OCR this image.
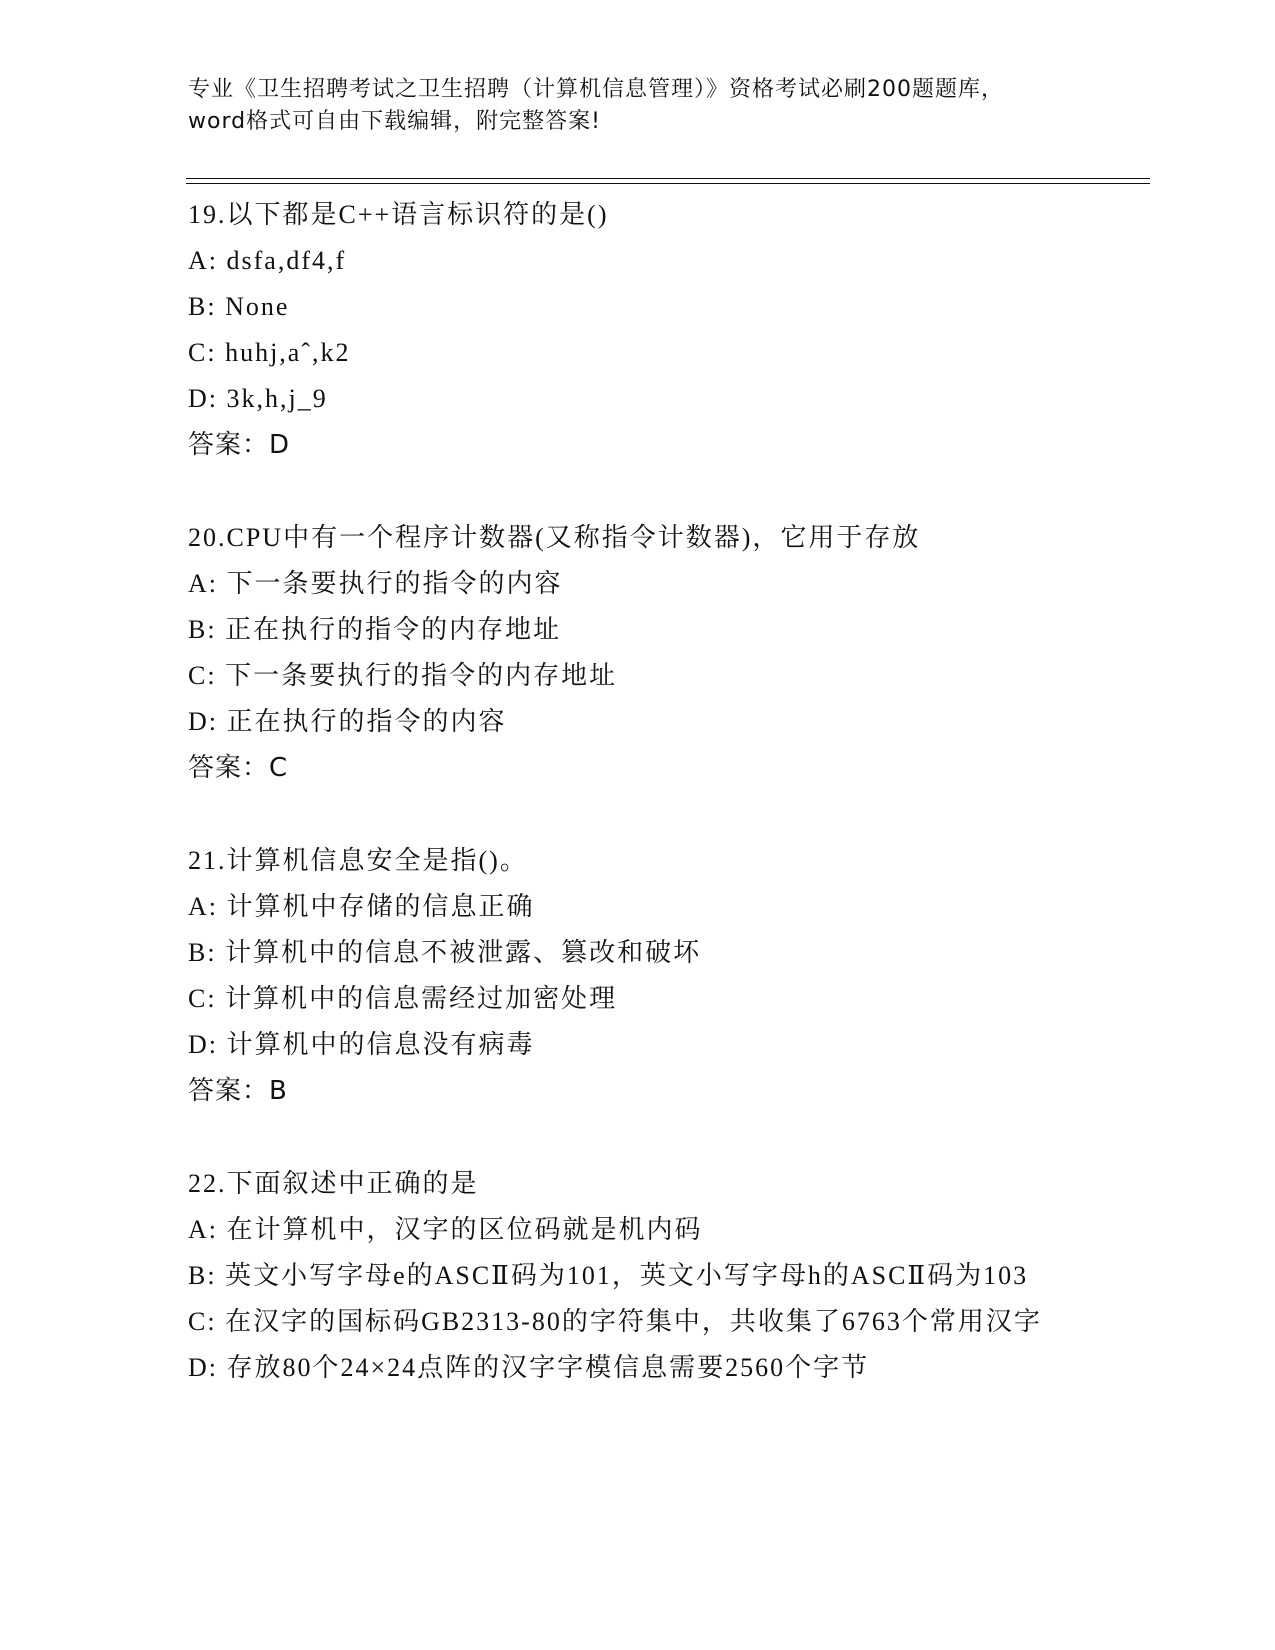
专业《卫生招聘考试之卫生招聘（计算机信息管理）》资格考试必刷200题题库，
word格式可自由下载编辑，附完整答案!
19.以下都是C++语言标识符的是()
A: dsfa,df4,f
B: None
C: huhj,aˆ,k2
D: 3k,h,j_9
答案：D
20.CPU中有一个程序计数器(又称指令计数器)，它用于存放
A: 下一条要执行的指令的内容
B: 正在执行的指令的内存地址
C: 下一条要执行的指令的内存地址
D: 正在执行的指令的内容
答案：C
21.计算机信息安全是指()。
A: 计算机中存储的信息正确
B: 计算机中的信息不被泄露、篡改和破坏
C: 计算机中的信息需经过加密处理
D: 计算机中的信息没有病毒
答案：B
22.下面叙述中正确的是
A: 在计算机中，汉字的区位码就是机内码
B: 英文小写字母e的ASCⅡ码为101，英文小写字母h的ASCⅡ码为103
C: 在汉字的国标码GB2313-80的字符集中，共收集了6763个常用汉字
D: 存放80个24×24点阵的汉字字模信息需要2560个字节
